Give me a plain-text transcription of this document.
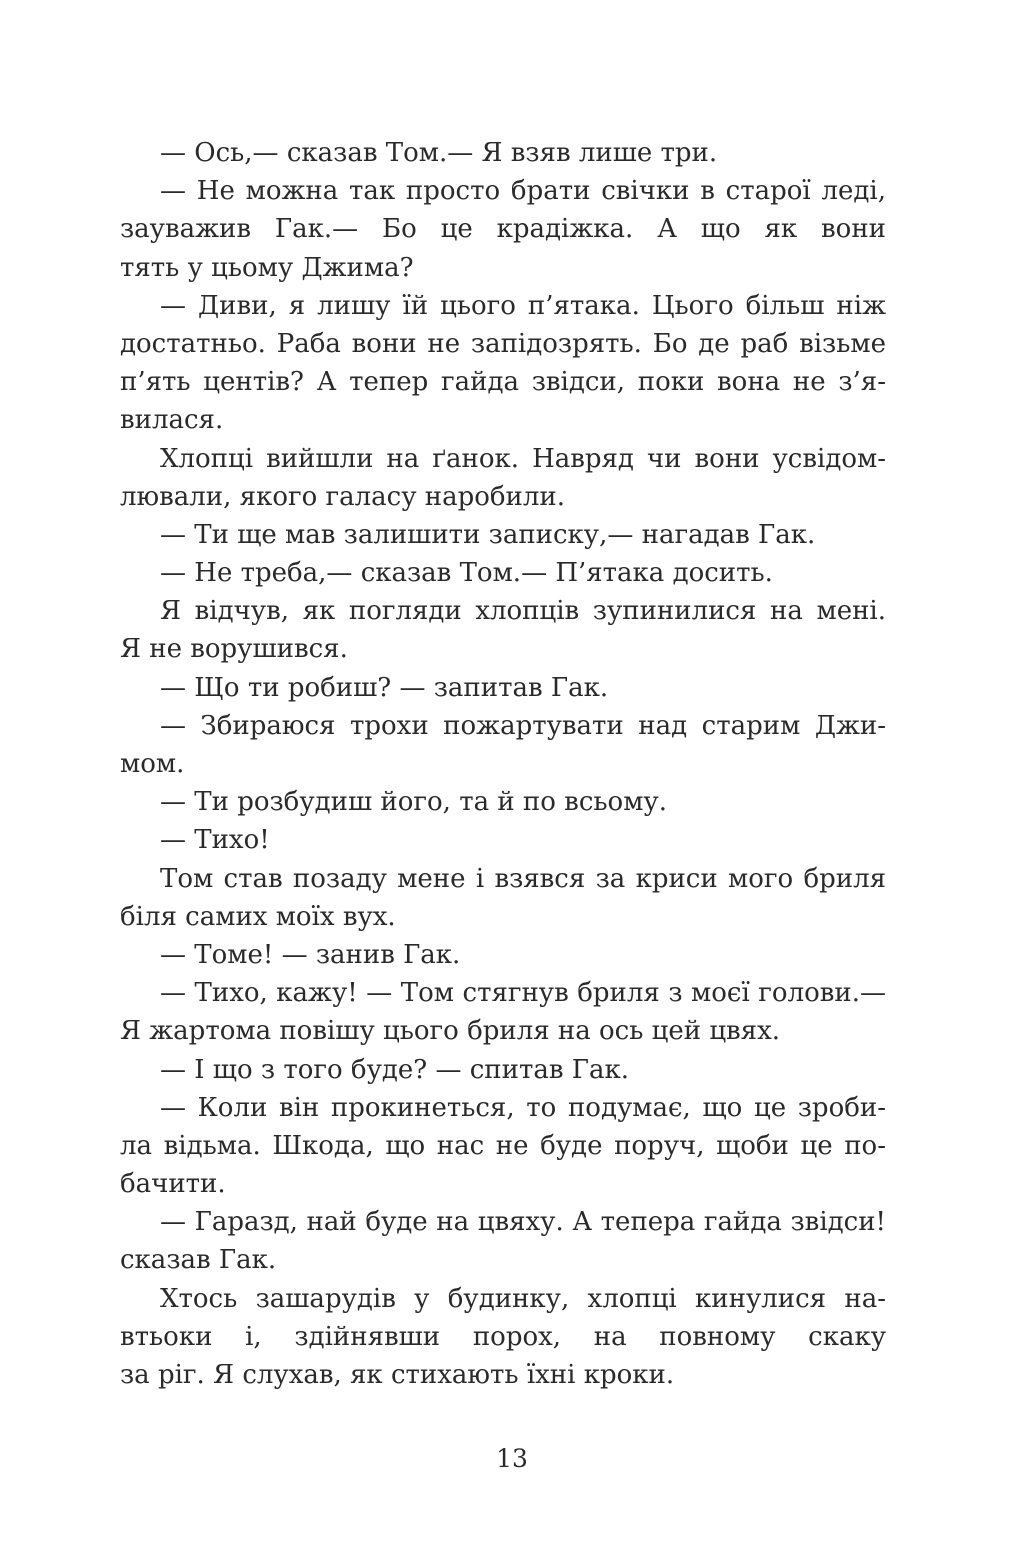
— Ось,— сказав Том.— Я взяв лише три.
— Не можна так просто брати свічки в старої леді,
зауважив Гак.— Бо це крадіжка. А що як вони
тять у цьому Джима?
— Диви, я лишу їй цього п’ятака. Цього більш ніж
достатньо. Раба вони не запідозрять. Бо де раб візьме
п’ять центів? А тепер гайда звідси, поки вона не з’я-
вилася.
Хлопці вийшли на ґанок. Навряд чи вони усвідом-
лювали, якого галасу наробили.
— Ти ще мав залишити записку,— нагадав Гак.
— Не треба,— сказав Том.— П’ятака досить.
Я відчув, як погляди хлопців зупинилися на мені.
Я не ворушився.
— Що ти робиш? — запитав Гак.
— Збираюся трохи пожартувати над старим Джи-
мом.
— Ти розбудиш його, та й по всьому.
— Тихо!
Том став позаду мене і взявся за криси мого бриля
біля самих моїх вух.
— Томе! — занив Гак.
— Тихо, кажу! — Том стягнув бриля з моєї голови.—
Я жартома повішу цього бриля на ось цей цвях.
— І що з того буде? — спитав Гак.
— Коли він прокинеться, то подумає, що це зроби-
ла відьма. Шкода, що нас не буде поруч, щоби це по-
бачити.
— Гаразд, най буде на цвяху. А тепера гайда звідси!
сказав Гак.
Хтось зашарудів у будинку, хлопці кинулися на-
втьоки і, здійнявши порох, на повному скаку
за ріг. Я слухав, як стихають їхні кроки.
13
